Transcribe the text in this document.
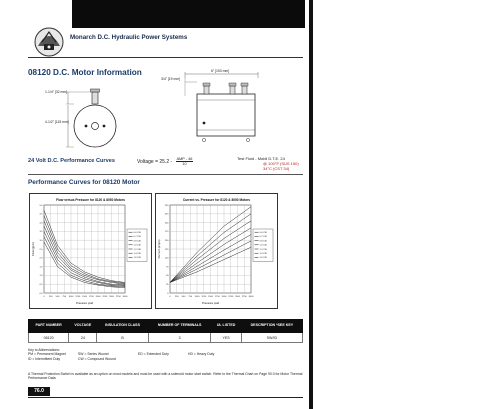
Monarch D.C. Hydraulic Power Systems
08120 D.C. Motor Information
1-1/4" [32 mm]
4-1/2" [115 mm]
3/4" [19 mm]
6" [153 mm]
24 Volt D.C. Performance Curves	Voltage = $25.2 - \frac{\text{AMP - 46}}{10}$	Test Fluid - Mobil D.T.E. 24
@ 100°F (SUS 150)
34°C (CST 34)
Performance Curves for 08120 Motor
Flow versus Pressure for 8120 & 8050 Motors
0	250	500	750	1000 1250 1500 1750 2000 2250 2500 2750 3000
0.0
0.5
1.0
1.5
2.0
2.5
3.0
3.5
4.0
4.5
5.0
Pressure psid
Flow (gpm)
0.6 CID
0.7 CID
0.8 CID
1.0 CID
1.2 CID
1.4 CID
1.6 CID
Current vs. Pressure for 8120 & 8050 Motors
0	250	500	750	1000 1250 1500 1750 2000 2250 2500 2750 3000
0
25
50
75
100
125
150
175
200
225
250
Pressure psid
Current (amps)
0.6 CID
0.7 CID
0.8 CID
1.0 CID
1.2 CID
1.4 CID
1.6 CID
PART NUMBER	VOLTAGE	INSULATION CLASS	NUMBER OF TERMINALS	UL LISTED	DESCRIPTION *SEE KEY
08120	24	B	3	YES	SW/ID
Key to Abbreviations:
PM = Permanent Magnet	SW = Series Wound	ED = Extended Duty	HD = Heavy Duty
ID = Intermittent Duty	CW = Compound Wound
A Thermal Protection Switch is available as an option on most models and must be used with a solenoid motor start switch. Refer to the Thermal Chart on Page 90.0 for Motor Thermal Performance Data.
76.0
